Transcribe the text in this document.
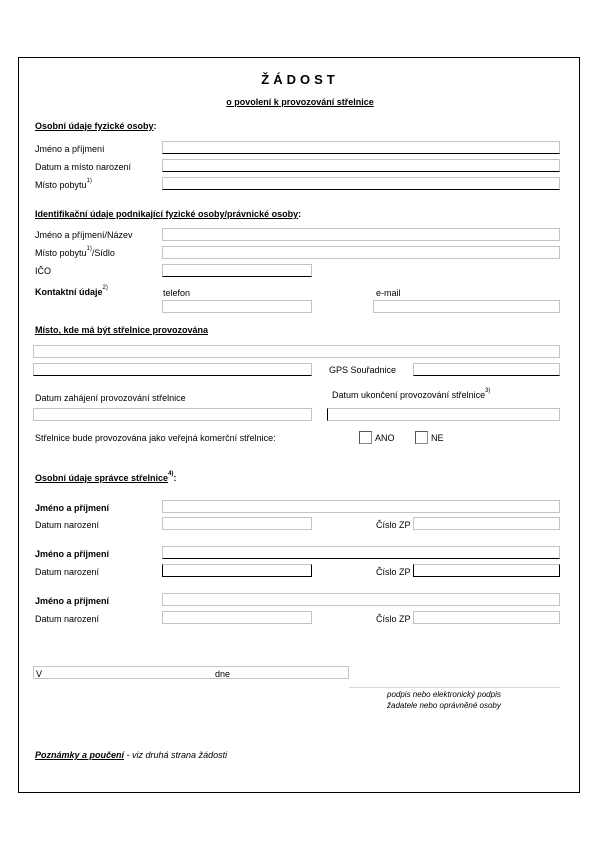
ŽÁDOST
o povolení k provozování střelnice
Osobní údaje fyzické osoby:
Jméno a příjmení
Datum a místo narození
Místo pobytu$^{1)}$
Identifikační údaje podnikající fyzické osoby/právnické osoby:
Jméno a příjmení/Název
Místo pobytu$^{1)}$/Sídlo
IČO
Kontaktní údaje$^{2)}$	telefon	e-mail
Místo, kde má být střelnice provozována
GPS Souřadnice
Datum zahájení provozování střelnice	Datum ukončení provozování střelnice$^{3)}$
Střelnice bude provozována jako veřejná komerční střelnice:	ANO	NE
Osobní údaje správce střelnice$^{4)}$:
Jméno a příjmení
Datum narození	Číslo ZP
Jméno a příjmení
Datum narození	Číslo ZP
Jméno a příjmení
Datum narození	Číslo ZP
V	dne
podpis nebo elektronický podpis
žadatele nebo oprávněné osoby
Poznámky a poučení - viz druhá strana žádosti
